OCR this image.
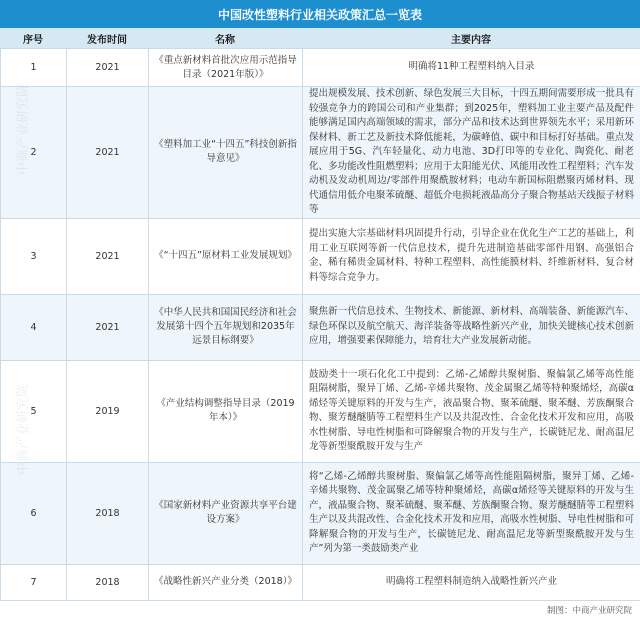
中国改性塑料行业相关政策汇总一览表
序号	发布时间	名称	主要内容
1	2021	《重点新材料首批次应用示范指导目录（2021年版）》	明确将11种工程塑料纳入目录
2	2021	《塑料加工业“十四五”科技创新指导意见》	提出规模发展、技术创新、绿色发展三大目标，十四五期间需要形成一批具有较强竞争力的跨国公司和产业集群；到2025年，塑料加工业主要产品及配件能够满足国内高端领域的需求，部分产品和技术达到世界领先水平；采用新环保材料、新工艺及新技术降低能耗，为碳峰值、碳中和目标打好基础。重点发展应用于5G、汽车轻量化、动力电池、3D打印等的专业化、陶瓷化、耐老化、多功能改性阻燃塑料；应用于太阳能光伏、风能用改性工程塑料；汽车发动机及发动机周边/零部件用聚酰胺材料；电动车新国标阻燃聚丙烯材料、现代通信用低介电聚苯硫醚、超低介电损耗液晶高分子聚合物基站天线振子材料等
3	2021	《“十四五”原材料工业发展规划》	提出实施大宗基础材料巩固提升行动，引导企业在优化生产工艺的基础上，利用工业互联网等新一代信息技术，提升先进制造基础零部件用钢、高强铝合金、稀有稀贵金属材料、特种工程塑料、高性能膜材料、纤维新材料、复合材料等综合竞争力。
4	2021	《中华人民共和国国民经济和社会发展第十四个五年规划和2035年远景目标纲要》	聚焦新一代信息技术、生物技术、新能源、新材料、高端装备、新能源汽车、绿色环保以及航空航天、海洋装备等战略性新兴产业，加快关键核心技术创新应用，增强要素保障能力，培育壮大产业发展新动能。
5	2019	《产业结构调整指导目录（2019年本）》	鼓励类十一项石化化工中提到：乙烯-乙烯醇共聚树脂、聚偏氯乙烯等高性能阻隔树脂，聚异丁烯、乙烯-辛烯共聚物、茂金属聚乙烯等特种聚烯烃，高碳α烯烃等关键原料的开发与生产，液晶聚合物、聚苯硫醚、聚苯醚、芳族酮聚合物、聚芳醚醚腈等工程塑料生产以及共混改性、合金化技术开发和应用，高吸水性树脂、导电性树脂和可降解聚合物的开发与生产，长碳链尼龙、耐高温尼龙等新型聚酰胺开发与生产
6	2018	《国家新材料产业资源共享平台建设方案》	将“乙烯-乙烯醇共聚树脂、聚偏氯乙烯等高性能阻隔树脂，聚异丁烯、乙烯-辛烯共聚物、茂金属聚乙烯等特种聚烯烃，高碳α烯烃等关键原料的开发与生产，液晶聚合物、聚苯硫醚、聚苯醚、芳族酮聚合物、聚芳醚醚腈等工程塑料生产以及共混改性、合金化技术开发和应用，高吸水性树脂、导电性树脂和可降解聚合物的开发与生产，长碳链尼龙、耐高温尼龙等新型聚酰胺开发与生产”列为第一类鼓励类产业
7	2018	《战略性新兴产业分类（2018）》	明确将工程塑料制造纳入战略性新兴产业
中商产业研究院
制图：中商产业研究院
